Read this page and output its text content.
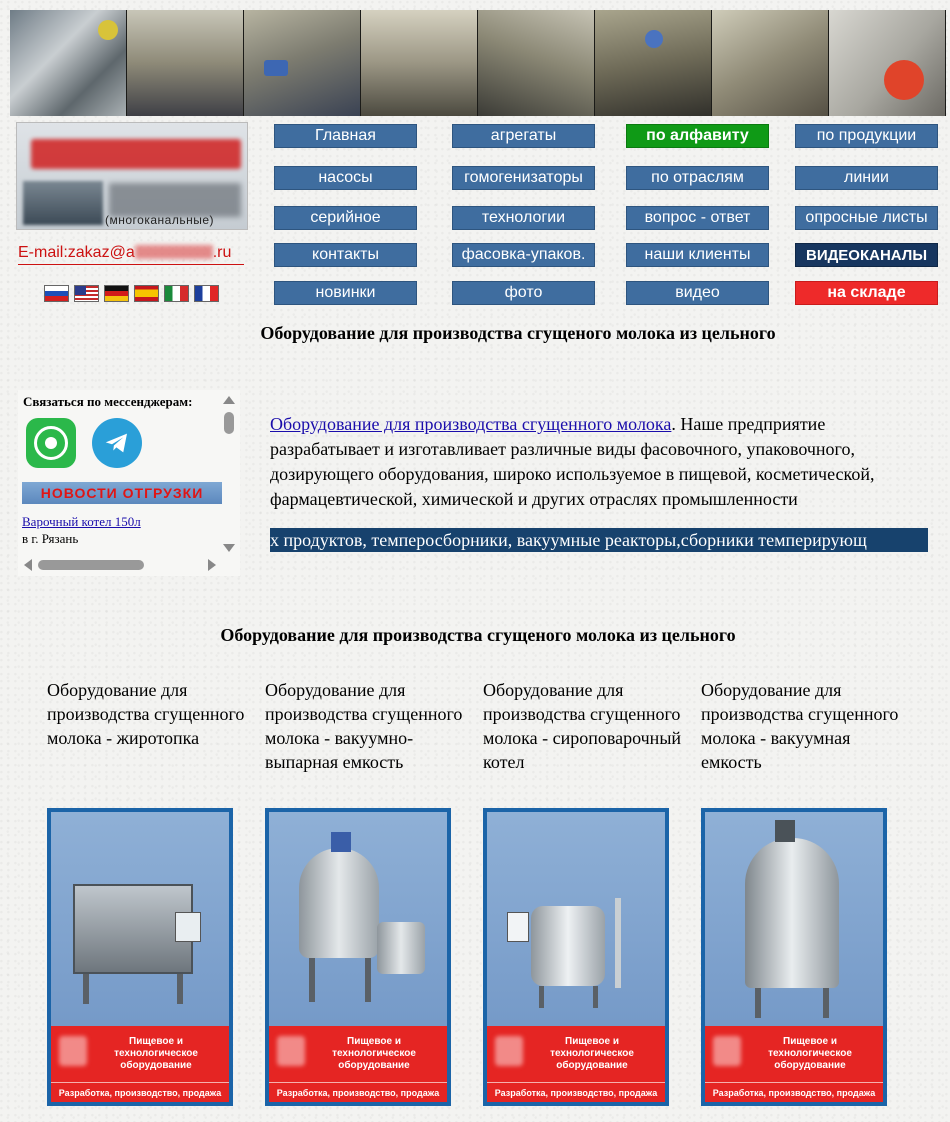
(многоканальные)
E-mail:zakaz@a	.ru
Главная	агрегаты	по алфавиту	по продукции
насосы	гомогенизаторы	по отраслям	линии
серийное	технологии	вопрос - ответ	опросные листы
контакты	фасовка-упаков.	наши клиенты	ВИДЕОКАНАЛЫ
новинки	фото	видео	на складе
Оборудование для производства сгущеного молока из цельного
Связаться по мессенджерам:
НОВОСТИ ОТГРУЗКИ
Варочный котел 150л
в г. Рязань
Оборудование для производства сгущенного молока. Наше предприятие разрабатывает и изготавливает различные виды фасовочного, упаковочного, дозирующего оборудования, широко используемое в пищевой, косметической, фармацевтической, химической и других отраслях промышленности
х продуктов, темперосборники, вакуумные реакторы,сборники темперирующ
Оборудование для производства сгущеного молока из цельного
Оборудование для производства сгущенного молока - жиротопка
Пищевое и технологическое оборудование
Разработка, производство, продажа
Оборудование для производства сгущенного молока - вакуумно-выпарная емкость
Пищевое и технологическое оборудование
Разработка, производство, продажа
Оборудование для производства сгущенного молока - сироповарочный котел
Пищевое и технологическое оборудование
Разработка, производство, продажа
Оборудование для производства сгущенного молока - вакуумная емкость
Пищевое и технологическое оборудование
Разработка, производство, продажа
